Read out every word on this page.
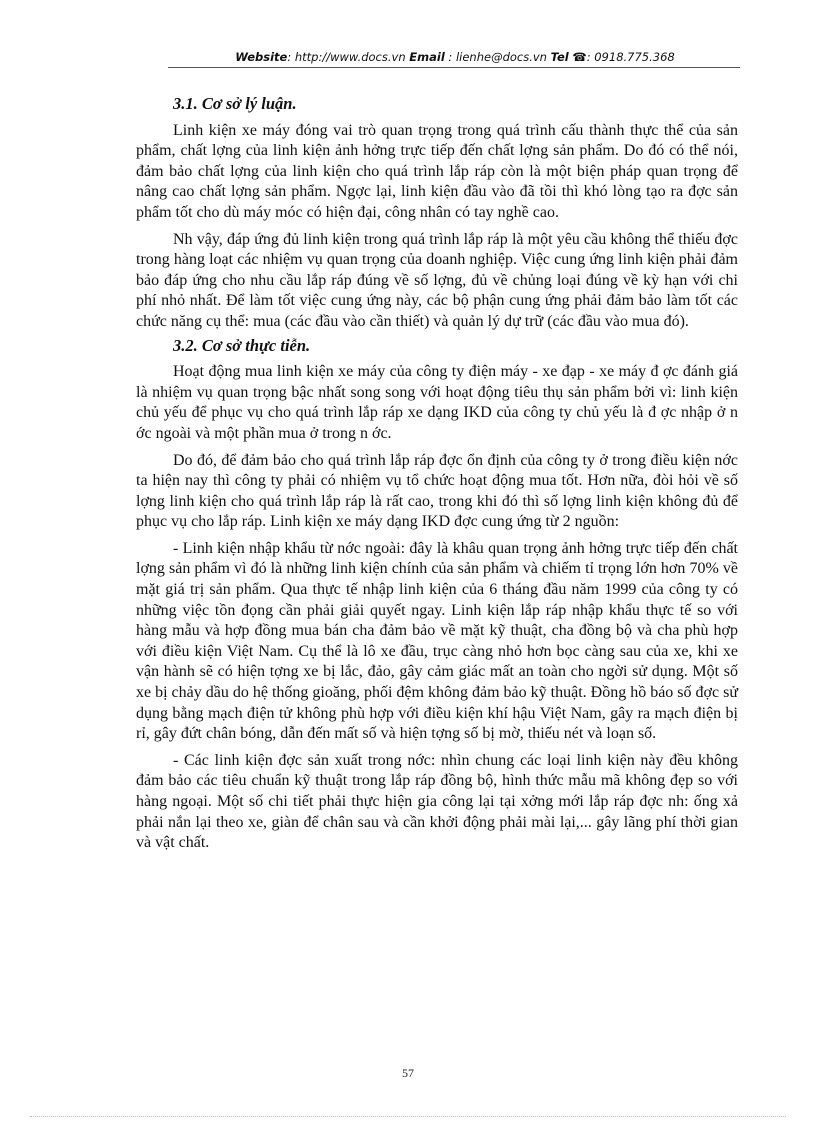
Website: http://www.docs.vn Email : lienhe@docs.vn Tel ☎: 0918.775.368
3.1. Cơ sở lý luận.

Linh kiện xe máy đóng vai trò quan trọng trong quá trình cấu thành thực thể của sản phẩm, chất lợng của linh kiện ảnh hởng trực tiếp đến chất lợng sản phẩm. Do đó có thể nói, đảm bảo chất lợng của linh kiện cho quá trình lắp ráp còn là một biện pháp quan trọng để nâng cao chất lợng sản phẩm. Ngợc lại, linh kiện đầu vào đã tồi thì khó lòng tạo ra đợc sản phẩm tốt cho dù máy móc có hiện đại, công nhân có tay nghề cao.

Nh vậy, đáp ứng đủ linh kiện trong quá trình lắp ráp là một yêu cầu không thể thiếu đợc trong hàng loạt các nhiệm vụ quan trọng của doanh nghiệp. Việc cung ứng linh kiện phải đảm bảo đáp ứng cho nhu cầu lắp ráp đúng về số lợng, đủ về chủng loại đúng về kỳ hạn với chi phí nhỏ nhất. Để làm tốt việc cung ứng này, các bộ phận cung ứng phải đảm bảo làm tốt các chức năng cụ thể: mua (các đầu vào cần thiết) và quản lý dự trữ (các đầu vào mua đó).

3.2. Cơ sở thực tiễn.

Hoạt động mua linh kiện xe máy của công ty điện máy - xe đạp - xe máy đ ợc đánh giá là nhiệm vụ quan trọng bậc nhất song song với hoạt động tiêu thụ sản phẩm bởi vì: linh kiện chủ yếu để phục vụ cho quá trình lắp ráp xe dạng IKD của công ty chủ yếu là đ ợc nhập ở n ớc ngoài và một phần mua ở trong n ớc.

Do đó, để đảm bảo cho quá trình lắp ráp đợc ổn định của công ty ở trong điều kiện nớc ta hiện nay thì công ty phải có nhiệm vụ tổ chức hoạt động mua tốt. Hơn nữa, đòi hỏi về số lợng linh kiện cho quá trình lắp ráp là rất cao, trong khi đó thì số lợng linh kiện không đủ để phục vụ cho lắp ráp. Linh kiện xe máy dạng IKD đợc cung ứng từ 2 nguồn:

- Linh kiện nhập khẩu từ nớc ngoài: đây là khâu quan trọng ảnh hởng trực tiếp đến chất lợng sản phẩm vì đó là những linh kiện chính của sản phẩm và chiếm tỉ trọng lớn hơn 70% về mặt giá trị sản phẩm. Qua thực tế nhập linh kiện của 6 tháng đầu năm 1999 của công ty có những việc tồn đọng cần phải giải quyết ngay. Linh kiện lắp ráp nhập khẩu thực tế so với hàng mẫu và hợp đồng mua bán cha đảm bảo về mặt kỹ thuật, cha đồng bộ và cha phù hợp với điều kiện Việt Nam. Cụ thể là lô xe đầu, trục càng nhỏ hơn bọc càng sau của xe, khi xe vận hành sẽ có hiện tợng xe bị lắc, đảo, gây cảm giác mất an toàn cho ngời sử dụng. Một số xe bị chảy dầu do hệ thống gioăng, phối đệm không đảm bảo kỹ thuật. Đồng hồ báo số đợc sử dụng bằng mạch điện tử không phù hợp với điều kiện khí hậu Việt Nam, gây ra mạch điện bị rỉ, gây đứt chân bóng, dẫn đến mất số và hiện tợng số bị mờ, thiếu nét và loạn số.

- Các linh kiện đợc sản xuất trong nớc: nhìn chung các loại linh kiện này đều không đảm bảo các tiêu chuẩn kỹ thuật trong lắp ráp đồng bộ, hình thức mẫu mã không đẹp so với hàng ngoại. Một số chi tiết phải thực hiện gia công lại tại xởng mới lắp ráp đợc nh: ống xả phải nắn lại theo xe, giàn để chân sau và cần khởi động phải mài lại,... gây lãng phí thời gian và vật chất.

57
